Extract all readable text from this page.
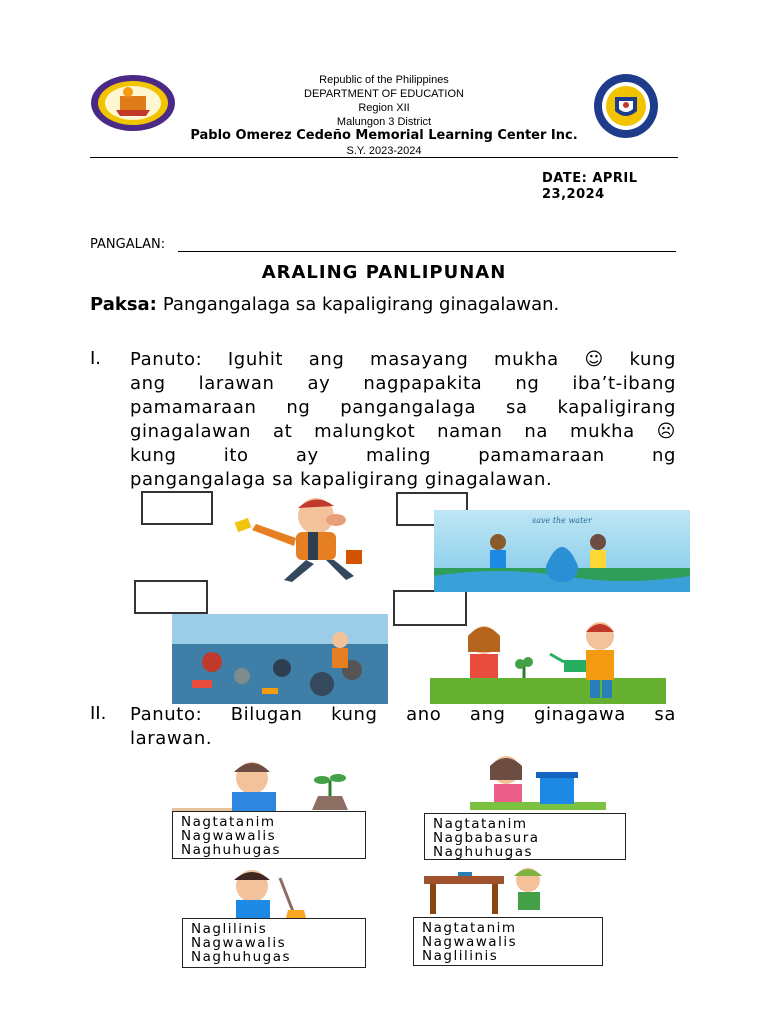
Republic of the Philippines
DEPARTMENT OF EDUCATION
Region XII
Malungon 3 District
Pablo Omerez Cedeño Memorial Learning Center Inc.
S.Y. 2023-2024
DATE: APRIL
23,2024
PANGALAN:
ARALING PANLIPUNAN
Paksa: Pangangalaga sa kapaligirang ginagalawan.
I. Panuto: Iguhit ang masayang mukha ☺ kung
ang larawan ay nagpapakita ng iba’t-ibang
pamamaraan ng pangangalaga sa kapaligirang
ginagalawan at malungkot naman na mukha ☹
kung ito ay maling pamamaraan ng
pangangalaga sa kapaligirang ginagalawan.
save the water
II. Panuto: Bilugan kung ano ang ginagawa sa
larawan.
Nagtatanim
Nagwawalis
Naghuhugas
Nagtatanim
Nagbabasura
Naghuhugas
Naglilinis
Nagwawalis
Naghuhugas
Nagtatanim
Nagwawalis
Naglilinis
